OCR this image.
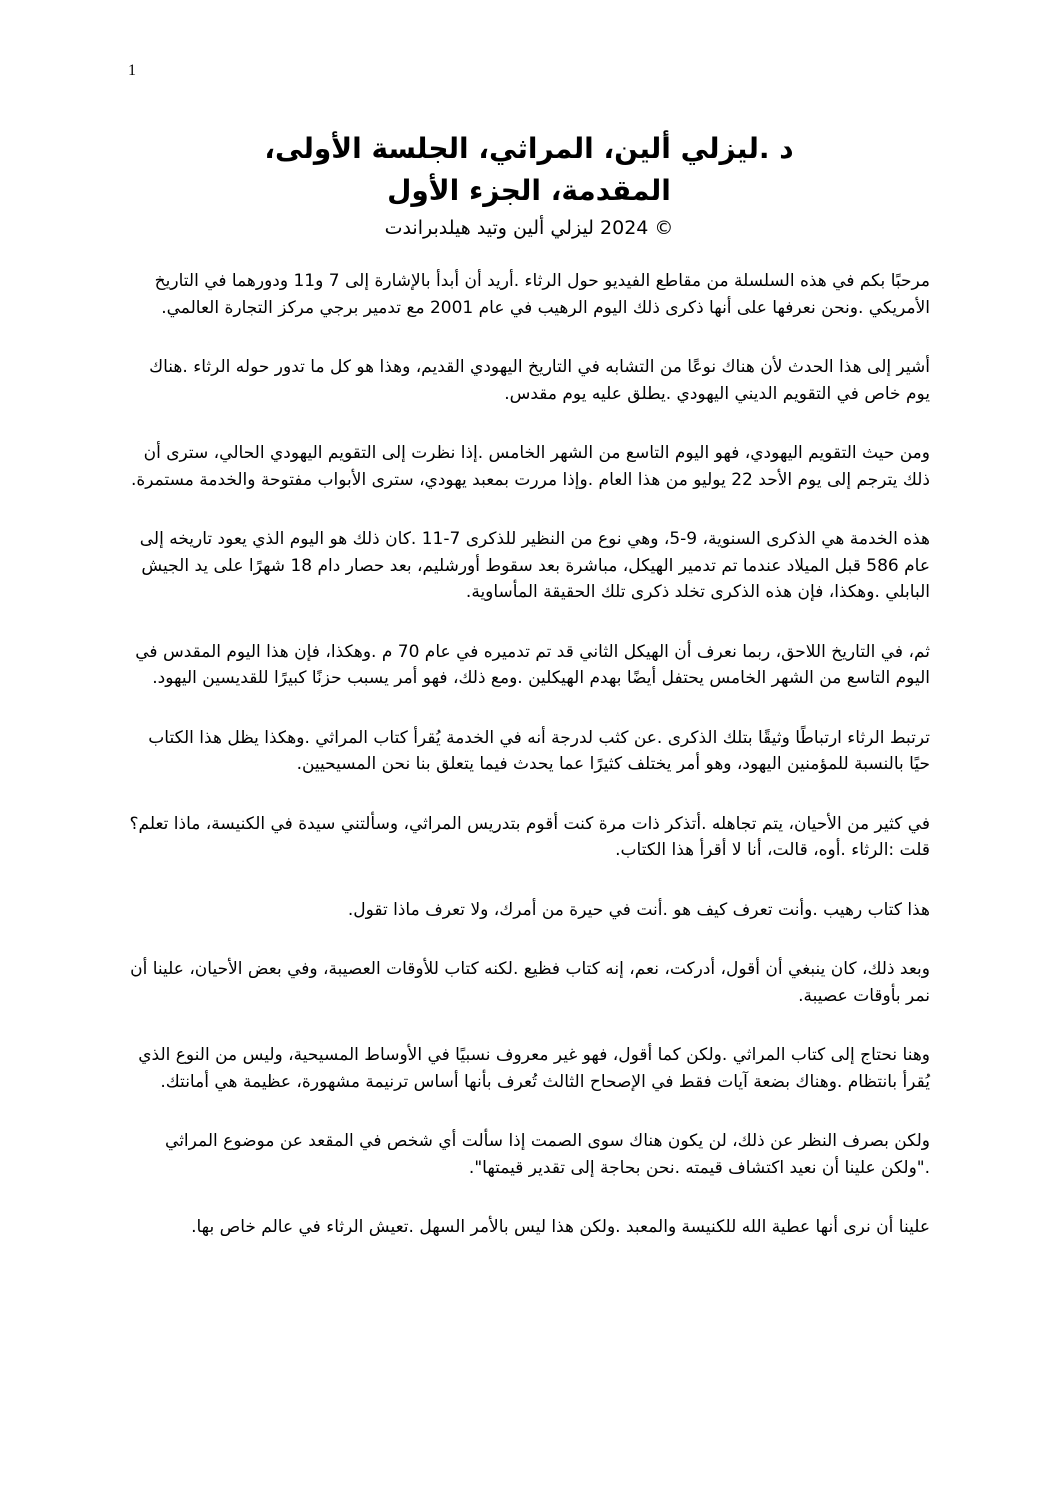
1
د .ليزلي ألين، المراثي، الجلسة الأولى،
المقدمة، الجزء الأول
© 2024 ليزلي ألين وتيد هيلدبراندت

مرحبًا بكم في هذه السلسلة من مقاطع الفيديو حول الرثاء .أريد أن أبدأ بالإشارة إلى 7 و11 ودورهما في التاريخ الأمريكي .ونحن نعرفها على أنها ذكرى ذلك اليوم الرهيب في عام 2001 مع تدمير برجي مركز التجارة العالمي.

أشير إلى هذا الحدث لأن هناك نوعًا من التشابه في التاريخ اليهودي القديم، وهذا هو كل ما تدور حوله الرثاء .هناك يوم خاص في التقويم الديني اليهودي .يطلق عليه يوم مقدس.

ومن حيث التقويم اليهودي، فهو اليوم التاسع من الشهر الخامس .إذا نظرت إلى التقويم اليهودي الحالي، سترى أن ذلك يترجم إلى يوم الأحد 22 يوليو من هذا العام .وإذا مررت بمعبد يهودي، سترى الأبواب مفتوحة والخدمة مستمرة.

هذه الخدمة هي الذكرى السنوية، 9-5، وهي نوع من النظير للذكرى 7-11 .كان ذلك هو اليوم الذي يعود تاريخه إلى عام 586 قبل الميلاد عندما تم تدمير الهيكل، مباشرة بعد سقوط أورشليم، بعد حصار دام 18 شهرًا على يد الجيش البابلي .وهكذا، فإن هذه الذكرى تخلد ذكرى تلك الحقيقة المأساوية.

ثم، في التاريخ اللاحق، ربما نعرف أن الهيكل الثاني قد تم تدميره في عام 70 م .وهكذا، فإن هذا اليوم المقدس في اليوم التاسع من الشهر الخامس يحتفل أيضًا بهدم الهيكلين .ومع ذلك، فهو أمر يسبب حزنًا كبيرًا للقديسين اليهود.

ترتبط الرثاء ارتباطًا وثيقًا بتلك الذكرى .عن كثب لدرجة أنه في الخدمة يُقرأ كتاب المراثي .وهكذا يظل هذا الكتاب حيًا بالنسبة للمؤمنين اليهود، وهو أمر يختلف كثيرًا عما يحدث فيما يتعلق بنا نحن المسيحيين.

في كثير من الأحيان، يتم تجاهله .أتذكر ذات مرة كنت أقوم بتدريس المراثي، وسألتني سيدة في الكنيسة، ماذا تعلم؟ قلت :الرثاء .أوه، قالت، أنا لا أقرأ هذا الكتاب.

هذا كتاب رهيب .وأنت تعرف كيف هو .أنت في حيرة من أمرك، ولا تعرف ماذا تقول.

وبعد ذلك، كان ينبغي أن أقول، أدركت، نعم، إنه كتاب فظيع .لكنه كتاب للأوقات العصيبة، وفي بعض الأحيان، علينا أن نمر بأوقات عصيبة.

وهنا نحتاج إلى كتاب المراثي .ولكن كما أقول، فهو غير معروف نسبيًا في الأوساط المسيحية، وليس من النوع الذي يُقرأ بانتظام .وهناك بضعة آيات فقط في الإصحاح الثالث تُعرف بأنها أساس ترنيمة مشهورة، عظيمة هي أمانتك.

ولكن بصرف النظر عن ذلك، لن يكون هناك سوى الصمت إذا سألت أي شخص في المقعد عن موضوع المراثي ."ولكن علينا أن نعيد اكتشاف قيمته .نحن بحاجة إلى تقدير قيمتها".

علينا أن نرى أنها عطية الله للكنيسة والمعبد .ولكن هذا ليس بالأمر السهل .تعيش الرثاء في عالم خاص بها.
